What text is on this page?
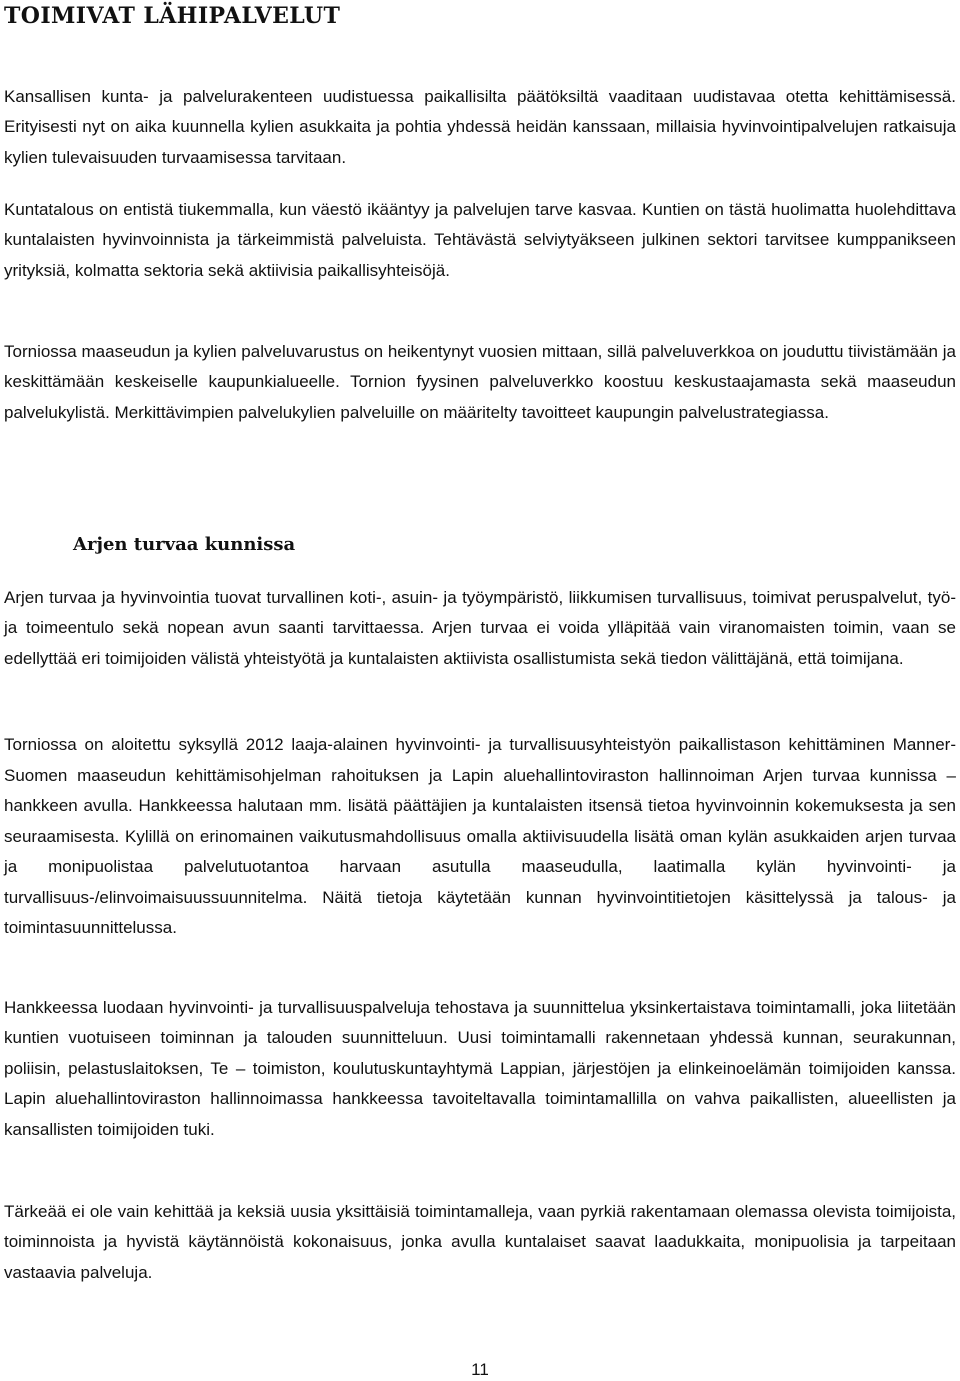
TOIMIVAT LÄHIPALVELUT

Kansallisen kunta- ja palvelurakenteen uudistuessa paikallisilta päätöksiltä vaaditaan uudistavaa otetta kehittämisessä. Erityisesti nyt on aika kuunnella kylien asukkaita ja pohtia yhdessä heidän kanssaan, millaisia hyvinvointipalvelujen ratkaisuja kylien tulevaisuuden turvaamisessa tarvitaan.

Kuntatalous on entistä tiukemmalla, kun väestö ikääntyy ja palvelujen tarve kasvaa. Kuntien on tästä huolimatta huolehdittava kuntalaisten hyvinvoinnista ja tärkeimmistä palveluista. Tehtävästä selviytyäkseen julkinen sektori tarvitsee kumppanikseen yrityksiä, kolmatta sektoria sekä aktiivisia paikallisyhteisöjä.

Torniossa maaseudun ja kylien palveluvarustus on heikentynyt vuosien mittaan, sillä palveluverkkoa on jouduttu tiivistämään ja keskittämään keskeiselle kaupunkialueelle. Tornion fyysinen palveluverkko koostuu keskustaajamasta sekä maaseudun palvelukylistä. Merkittävimpien palvelukylien palveluille on määritelty tavoitteet kaupungin palvelustrategiassa.

Arjen turvaa kunnissa

Arjen turvaa ja hyvinvointia tuovat turvallinen koti-, asuin- ja työympäristö, liikkumisen turvallisuus, toimivat peruspalvelut, työ- ja toimeentulo sekä nopean avun saanti tarvittaessa. Arjen turvaa ei voida ylläpitää vain viranomaisten toimin, vaan se edellyttää eri toimijoiden välistä yhteistyötä ja kuntalaisten aktiivista osallistumista sekä tiedon välittäjänä, että toimijana.

Torniossa on aloitettu syksyllä 2012 laaja-alainen hyvinvointi- ja turvallisuusyhteistyön paikallistason kehittäminen Manner-Suomen maaseudun kehittämisohjelman rahoituksen ja Lapin aluehallintoviraston hallinnoiman Arjen turvaa kunnissa – hankkeen avulla. Hankkeessa halutaan mm. lisätä päättäjien ja kuntalaisten itsensä tietoa hyvinvoinnin kokemuksesta ja sen seuraamisesta. Kylillä on erinomainen vaikutusmahdollisuus omalla aktiivisuudella lisätä oman kylän asukkaiden arjen turvaa ja monipuolistaa palvelutuotantoa harvaan asutulla maaseudulla, laatimalla kylän hyvinvointi- ja turvallisuus-/elinvoimaisuussuunnitelma. Näitä tietoja käytetään kunnan hyvinvointitietojen käsittelyssä ja talous- ja toimintasuunnittelussa.

Hankkeessa luodaan hyvinvointi- ja turvallisuuspalveluja tehostava ja suunnittelua yksinkertaistava toimintamalli, joka liitetään kuntien vuotuiseen toiminnan ja talouden suunnitteluun. Uusi toimintamalli rakennetaan yhdessä kunnan, seurakunnan, poliisin, pelastuslaitoksen, Te – toimiston, koulutuskuntayhtymä Lappian, järjestöjen ja elinkeinoelämän toimijoiden kanssa. Lapin aluehallintoviraston hallinnoimassa hankkeessa tavoiteltavalla toimintamallilla on vahva paikallisten, alueellisten ja kansallisten toimijoiden tuki.

Tärkeää ei ole vain kehittää ja keksiä uusia yksittäisiä toimintamalleja, vaan pyrkiä rakentamaan olemassa olevista toimijoista, toiminnoista ja hyvistä käytännöistä kokonaisuus, jonka avulla kuntalaiset saavat laadukkaita, monipuolisia ja tarpeitaan vastaavia palveluja.

11
